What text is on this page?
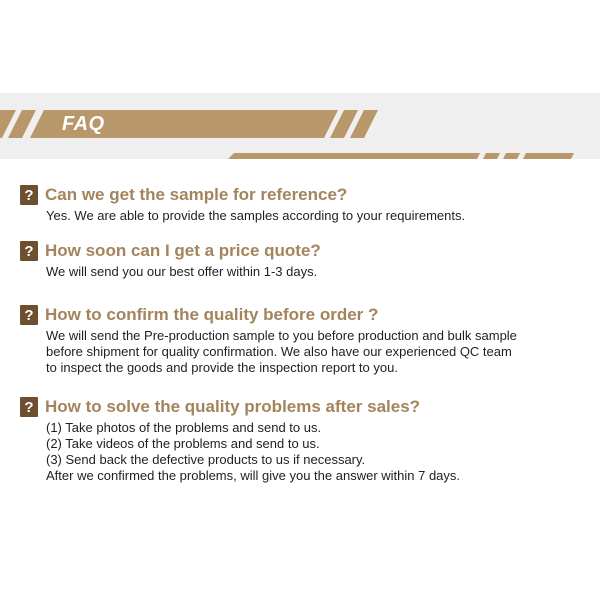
FAQ
? Can we get the sample for reference?
Yes. We are able to provide the samples according to your requirements.
? How soon can I get a price quote?
We will send you our best offer within 1-3 days.
? How to confirm the quality before order ?
We will send the Pre-production sample to you before production and bulk sample
before shipment for quality confirmation. We also have our experienced QC team
to inspect the goods and provide the inspection report to you.
? How to solve the quality problems after sales?
(1) Take photos of the problems and send to us.
(2) Take videos of the problems and send to us.
(3) Send back the defective products to us if necessary.
After we confirmed the problems, will give you the answer within 7 days.
